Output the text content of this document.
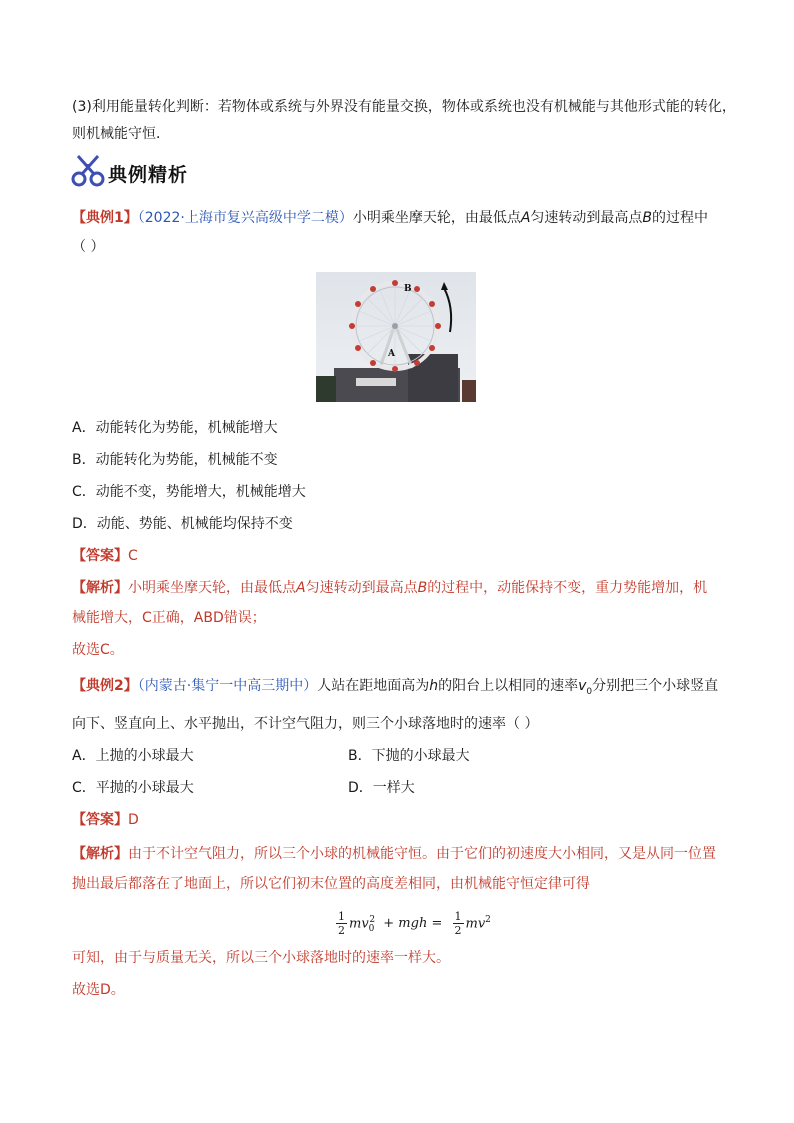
(3)利用能量转化判断：若物体或系统与外界没有能量交换，物体或系统也没有机械能与其他形式能的转化，
则机械能守恒．
典例精析
【典例1】（2022·上海市复兴高级中学二模）小明乘坐摩天轮，由最低点A匀速转动到最高点B的过程中
（ ）
B
A
A．动能转化为势能，机械能增大
B．动能转化为势能，机械能不变
C．动能不变，势能增大，机械能增大
D．动能、势能、机械能均保持不变
【答案】C
【解析】小明乘坐摩天轮，由最低点A匀速转动到最高点B的过程中，动能保持不变，重力势能增加，机
械能增大，C正确，ABD错误；
故选C。
【典例2】（内蒙古·集宁一中高三期中）人站在距地面高为h的阳台上以相同的速率$v_0$分别把三个小球竖直
向下、竖直向上、水平抛出，不计空气阻力，则三个小球落地时的速率（ ）
A．上抛的小球最大	B．下抛的小球最大
C．平抛的小球最大	D．一样大
【答案】D
【解析】由于不计空气阻力，所以三个小球的机械能守恒。由于它们的初速度大小相同，又是从同一位置
抛出最后都落在了地面上，所以它们初末位置的高度差相同，由机械能守恒定律可得
$\frac{1}{2} mv_0^2$ + mgh = $\frac{1}{2} mv^2$
可知，由于与质量无关，所以三个小球落地时的速率一样大。
故选D。
